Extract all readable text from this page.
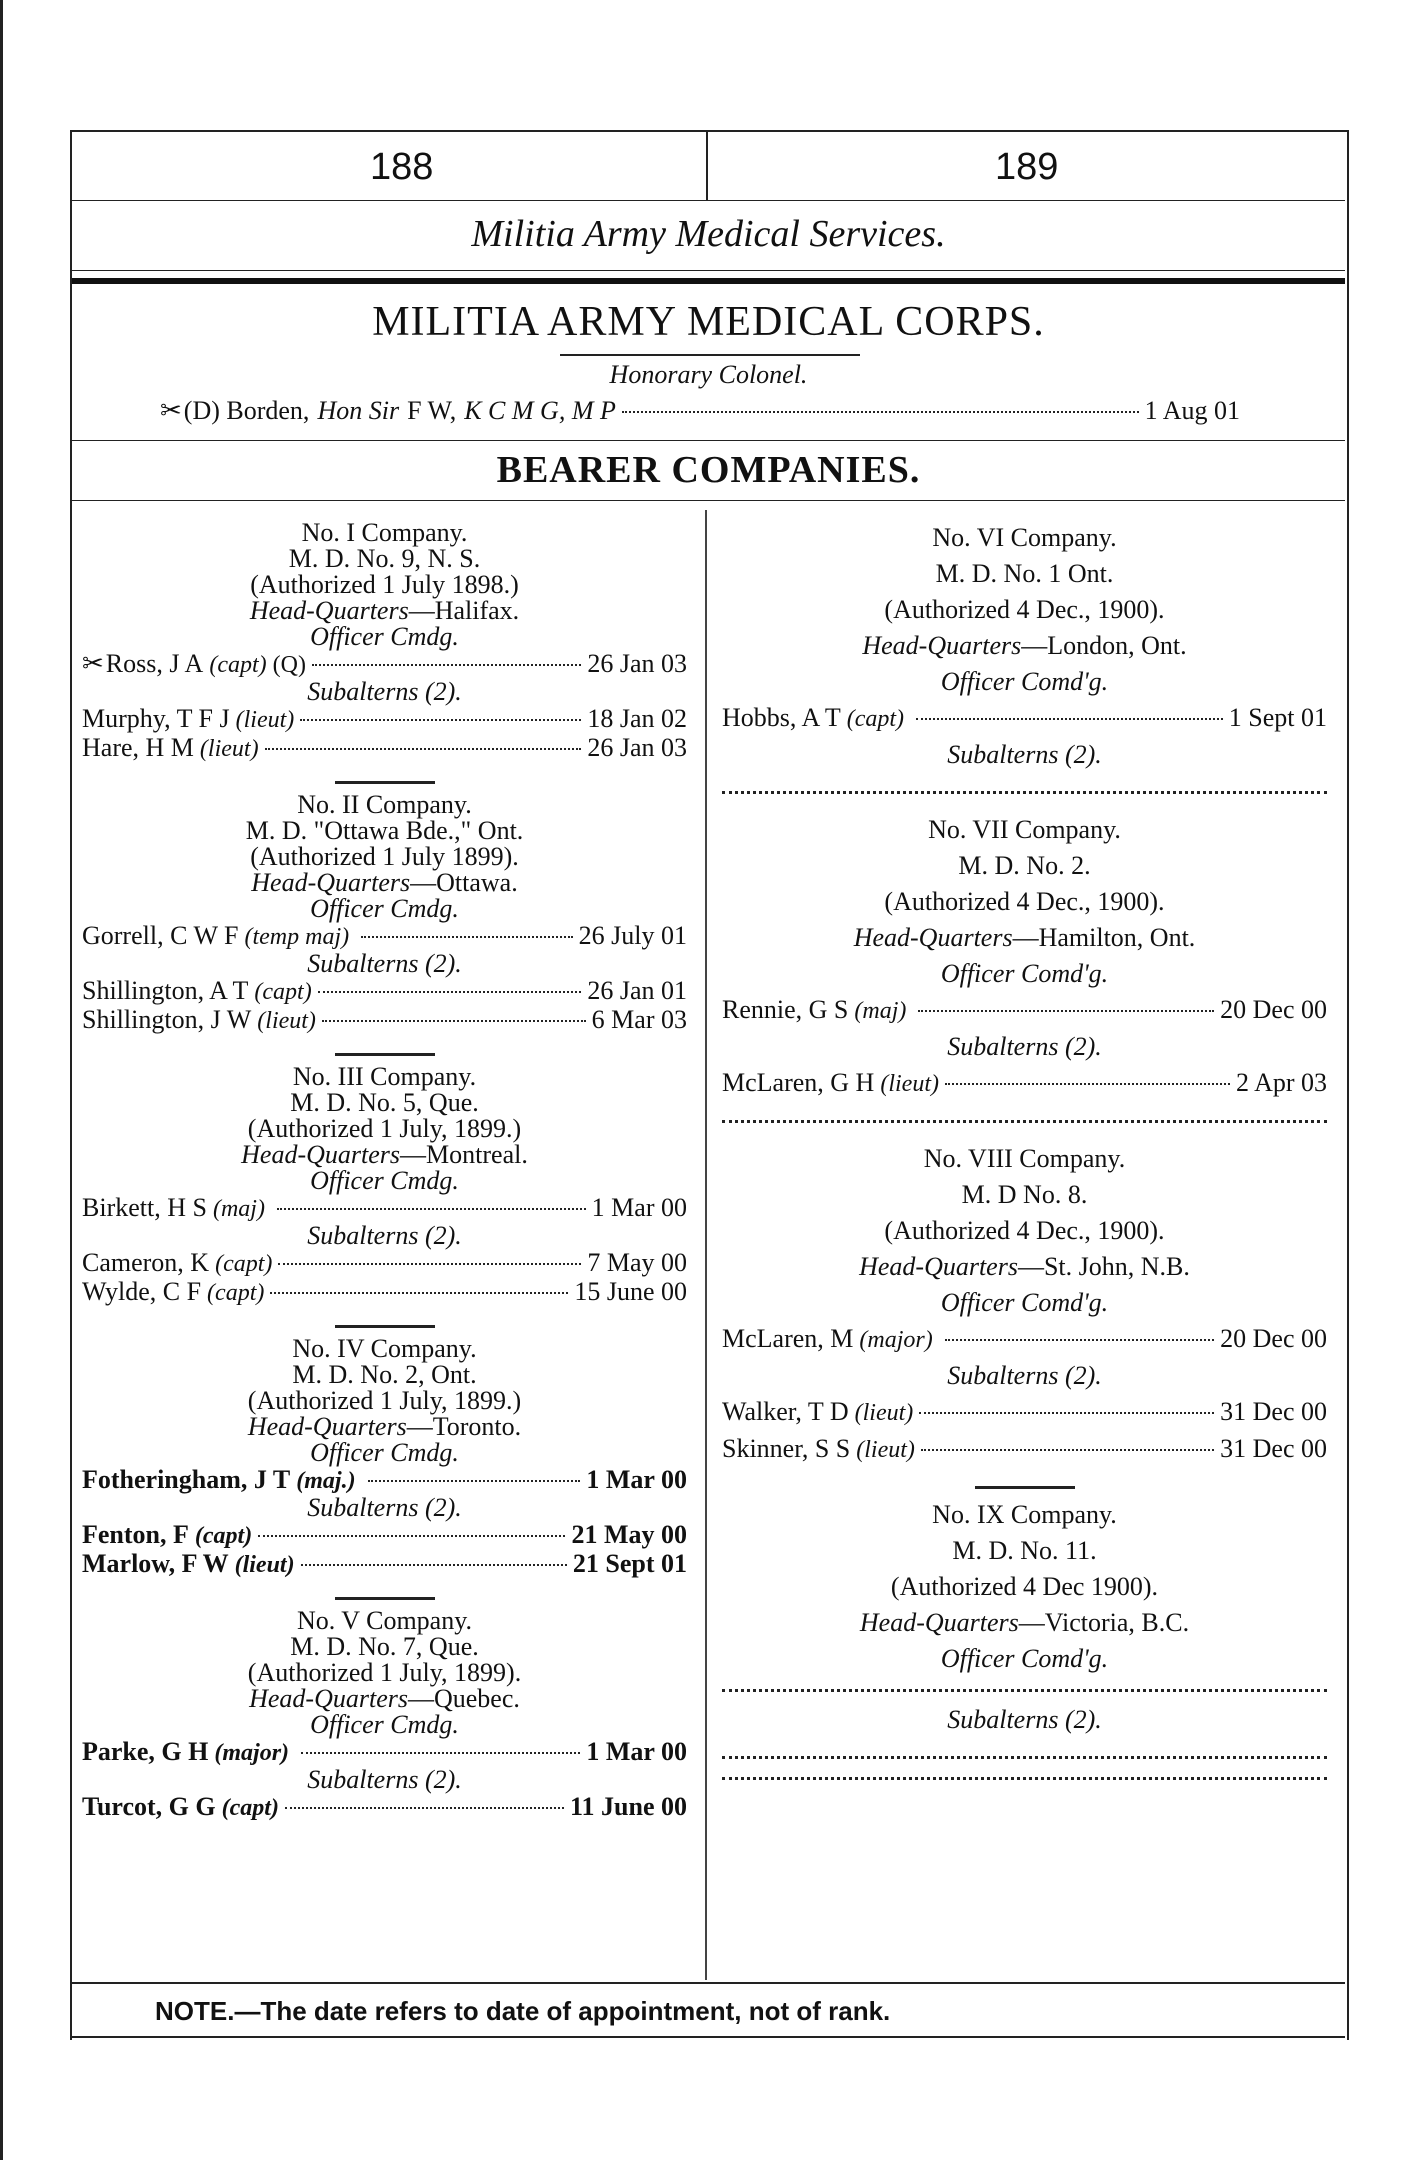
188	189
Militia Army Medical Services.
MILITIA ARMY MEDICAL CORPS.
Honorary Colonel.
✂ (D) Borden, Hon Sir F W, K C M G, M P	1 Aug 01
BEARER COMPANIES.
No. I Company.
M. D. No. 9, N. S.
(Authorized 1 July 1898.)
Head-Quarters—Halifax.
Officer Cmdg.
✂ Ross, J A (capt) (Q)	26 Jan 03
Subalterns (2).
Murphy, T F J (lieut)	18 Jan 02
Hare, H M (lieut)	26 Jan 03
No. II Company.
M. D. "Ottawa Bde.," Ont.
(Authorized 1 July 1899).
Head-Quarters—Ottawa.
Officer Cmdg.
Gorrell, C W F (temp maj)	26 July 01
Subalterns (2).
Shillington, A T (capt)	26 Jan 01
Shillington, J W (lieut)	6 Mar 03
No. III Company.
M. D. No. 5, Que.
(Authorized 1 July, 1899.)
Head-Quarters—Montreal.
Officer Cmdg.
Birkett, H S (maj)	1 Mar 00
Subalterns (2).
Cameron, K (capt)	7 May 00
Wylde, C F (capt)	15 June 00
No. IV Company.
M. D. No. 2, Ont.
(Authorized 1 July, 1899.)
Head-Quarters—Toronto.
Officer Cmdg.
Fotheringham, J T (maj.)	1 Mar 00
Subalterns (2).
Fenton, F (capt)	21 May 00
Marlow, F W (lieut)	21 Sept 01
No. V Company.
M. D. No. 7, Que.
(Authorized 1 July, 1899).
Head-Quarters—Quebec.
Officer Cmdg.
Parke, G H (major)	1 Mar 00
Subalterns (2).
Turcot, G G (capt)	11 June 00
No. VI Company.
M. D. No. 1 Ont.
(Authorized 4 Dec., 1900).
Head-Quarters—London, Ont.
Officer Comd'g.
Hobbs, A T (capt)	1 Sept 01
Subalterns (2).
No. VII Company.
M. D. No. 2.
(Authorized 4 Dec., 1900).
Head-Quarters—Hamilton, Ont.
Officer Comd'g.
Rennie, G S (maj)	20 Dec 00
Subalterns (2).
McLaren, G H (lieut)	2 Apr 03
No. VIII Company.
M. D No. 8.
(Authorized 4 Dec., 1900).
Head-Quarters—St. John, N.B.
Officer Comd'g.
McLaren, M (major)	20 Dec 00
Subalterns (2).
Walker, T D (lieut)	31 Dec 00
Skinner, S S (lieut)	31 Dec 00
No. IX Company.
M. D. No. 11.
(Authorized 4 Dec 1900).
Head-Quarters—Victoria, B.C.
Officer Comd'g.
Subalterns (2).
NOTE.—The date refers to date of appointment, not of rank.
